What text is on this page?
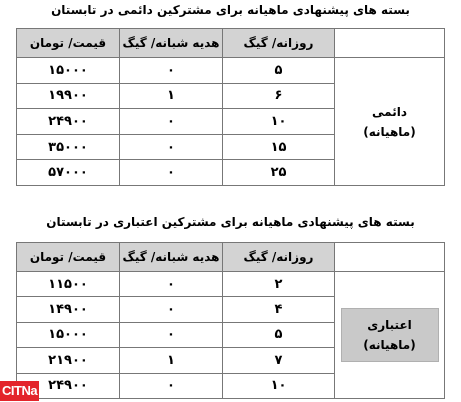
بسته های پیشنهادی ماهیانه برای مشترکین دائمی در تابستان
	روزانه/ گیگ	هدیه شبانه/ گیگ	قیمت/ تومان

دائمی
(ماهیانه)	۵	۰	۱۵۰۰۰
	۶	۱	۱۹۹۰۰
	۱۰	۰	۲۴۹۰۰
	۱۵	۰	۳۵۰۰۰
	۲۵	۰	۵۷۰۰۰
بسته های پیشنهادی ماهیانه برای مشترکین اعتباری در تابستان
	روزانه/ گیگ	هدیه شبانه/ گیگ	قیمت/ تومان

اعتباری
(ماهیانه)	۲	۰	۱۱۵۰۰
	۴	۰	۱۴۹۰۰
	۵	۰	۱۵۰۰۰
	۷	۱	۲۱۹۰۰
	۱۰	۰	۲۴۹۰۰
CITNa
